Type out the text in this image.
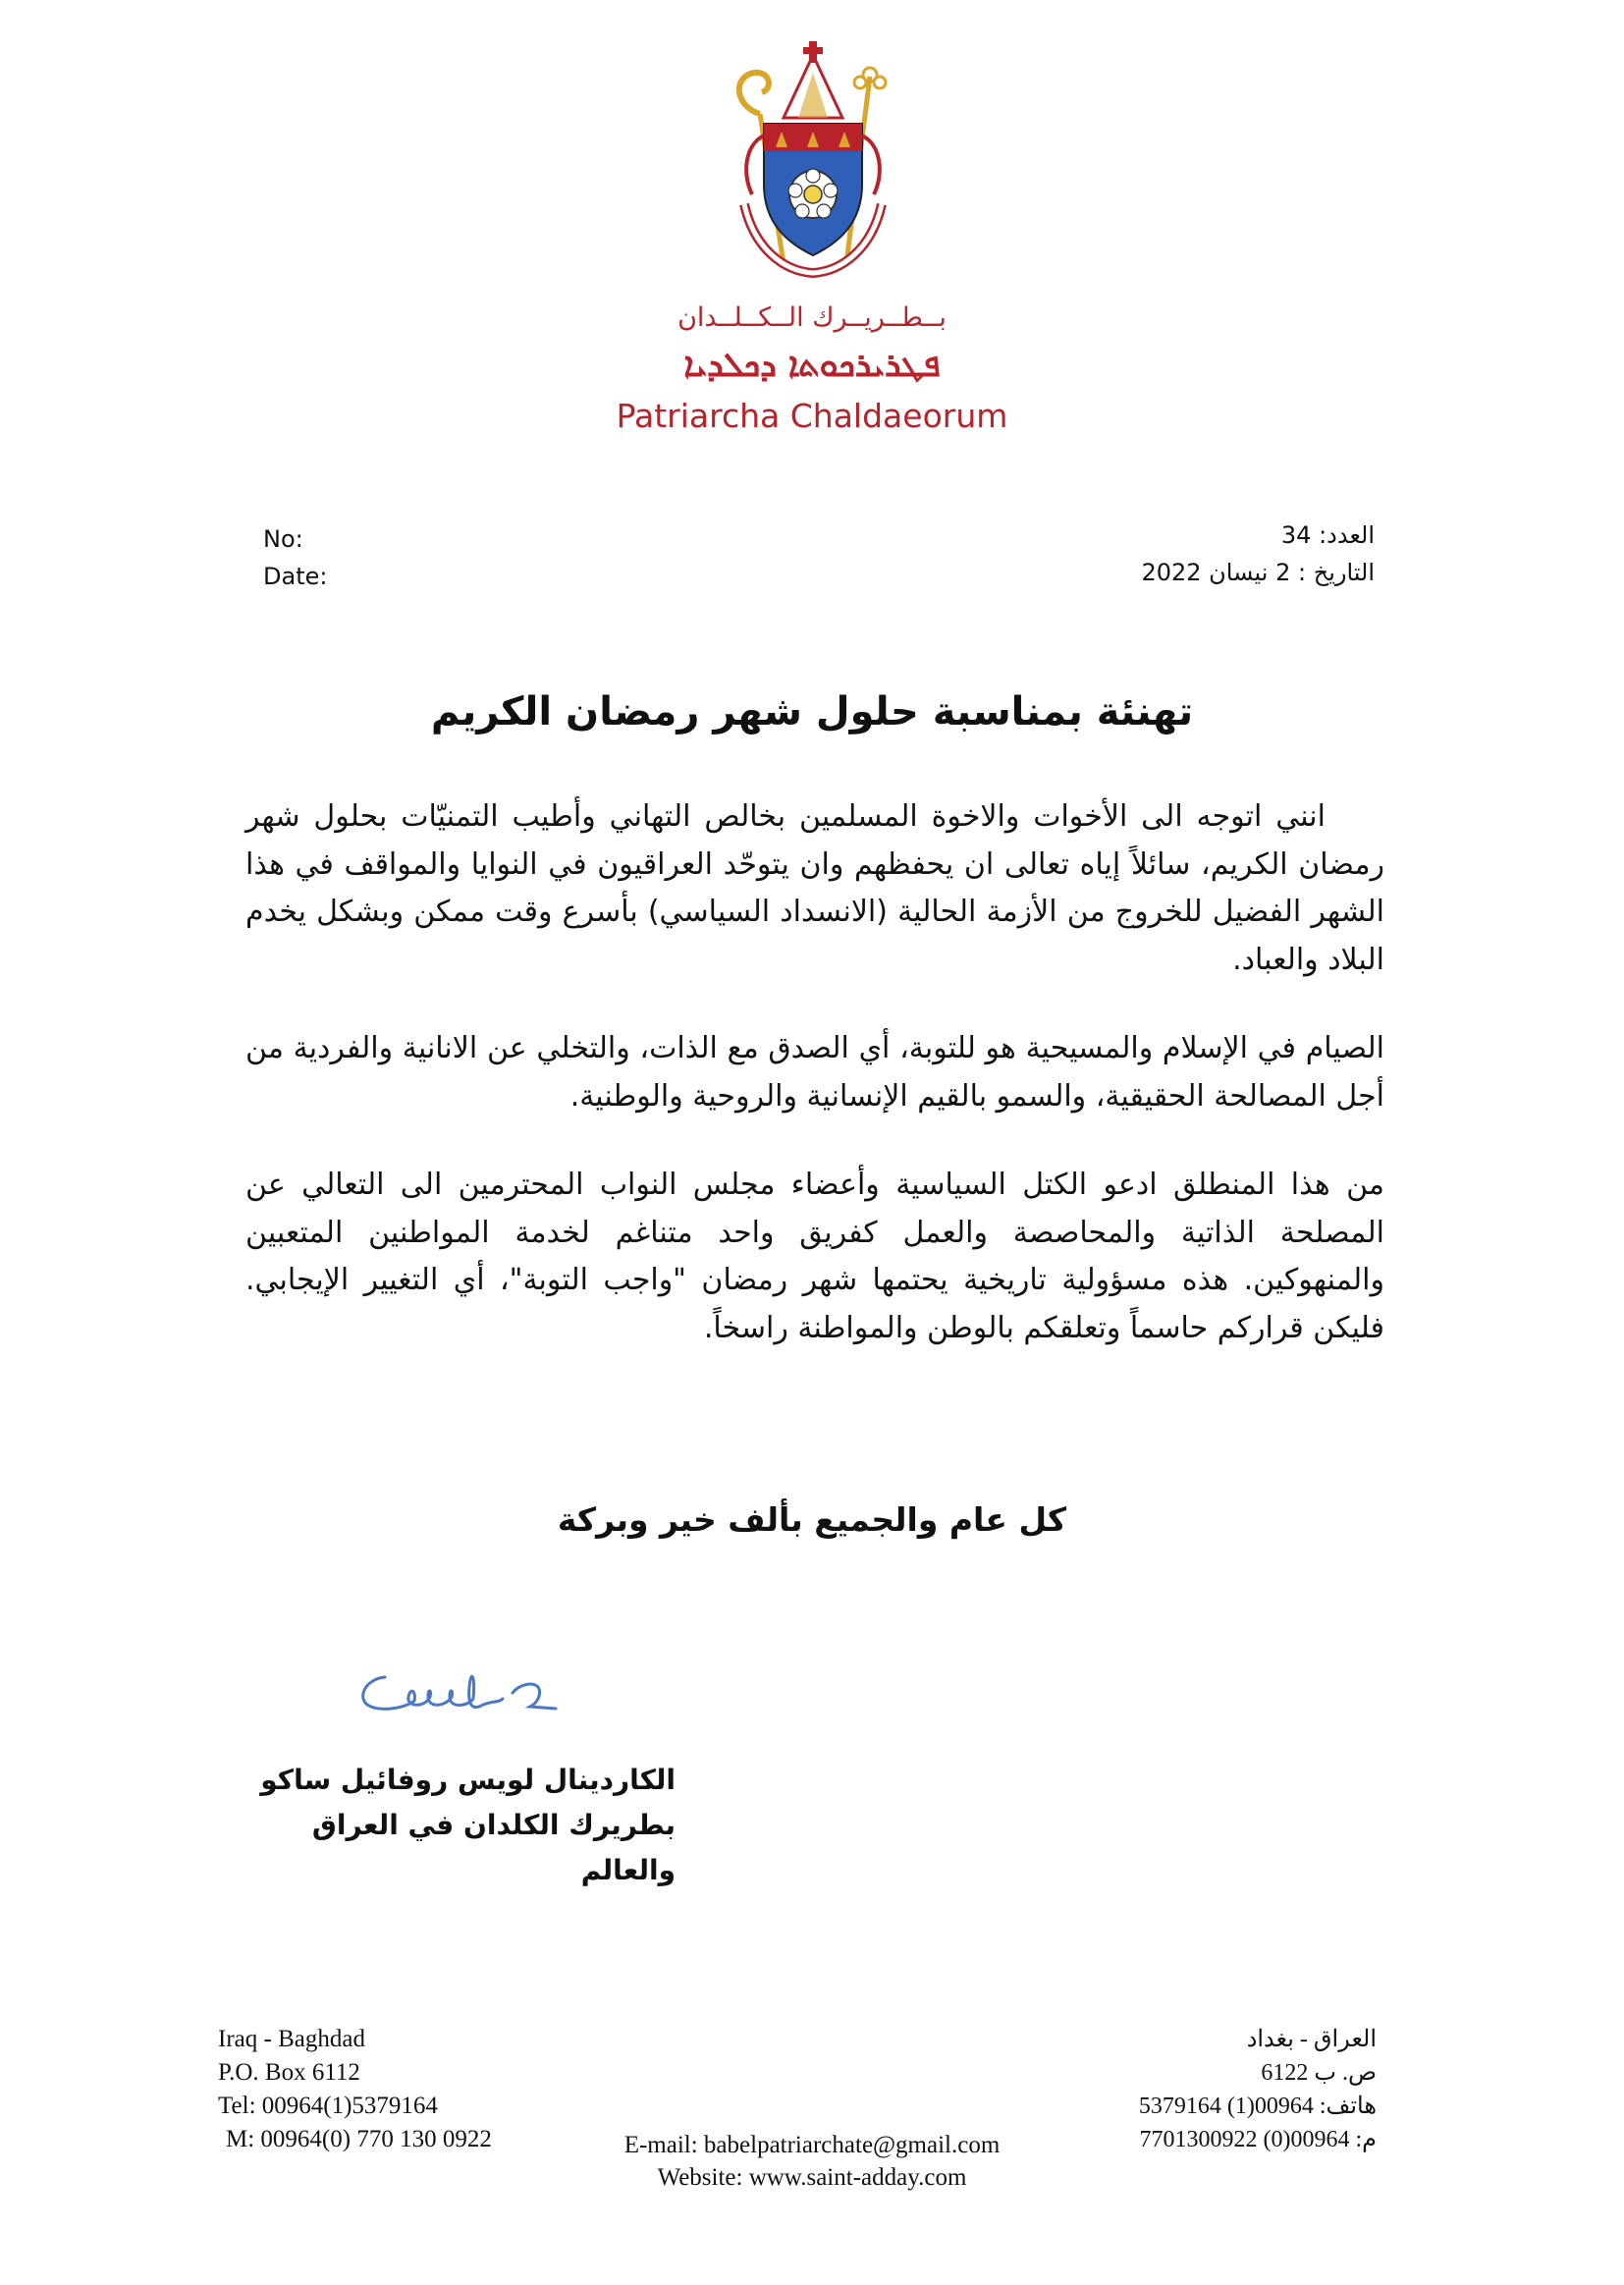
بــطــريــرك الــكــلــدان
ܦܛܪܝܪܟܘܬܐ ܕܟܠܕܝܐ
Patriarcha Chaldaeorum
No:
Date:
العدد: 34
التاريخ : 2 نيسان 2022
تهنئة بمناسبة حلول شهر رمضان الكريم

انني اتوجه الى الأخوات والاخوة المسلمين بخالص التهاني وأطيب التمنيّات بحلول شهر رمضان الكريم، سائلاً إياه تعالى ان يحفظهم وان يتوحّد العراقيون في النوايا والمواقف في هذا الشهر الفضيل للخروج من الأزمة الحالية (الانسداد السياسي) بأسرع وقت ممكن وبشكل يخدم البلاد والعباد.

الصيام في الإسلام والمسيحية هو للتوبة، أي الصدق مع الذات، والتخلي عن الانانية والفردية من أجل المصالحة الحقيقية، والسمو بالقيم الإنسانية والروحية والوطنية.

من هذا المنطلق ادعو الكتل السياسية وأعضاء مجلس النواب المحترمين الى التعالي عن المصلحة الذاتية والمحاصصة والعمل كفريق واحد متناغم لخدمة المواطنين المتعبين والمنهوكين. هذه مسؤولية تاريخية يحتمها شهر رمضان "واجب التوبة"، أي التغيير الإيجابي. فليكن قراركم حاسماً وتعلقكم بالوطن والمواطنة راسخاً.

كل عام والجميع بألف خير وبركة
الكاردينال لويس روفائيل ساكو
بطريرك الكلدان في العراق والعالم
Iraq - Baghdad
P.O. Box 6112
Tel: 00964(1)5379164
M: 00964(0) 770 130 0922
العراق - بغداد
ص. ب 6122
هاتف: 00964(1) 5379164
م: 00964(0) 7701300922
E-mail: babelpatriarchate@gmail.com
Website: www.saint-adday.com
